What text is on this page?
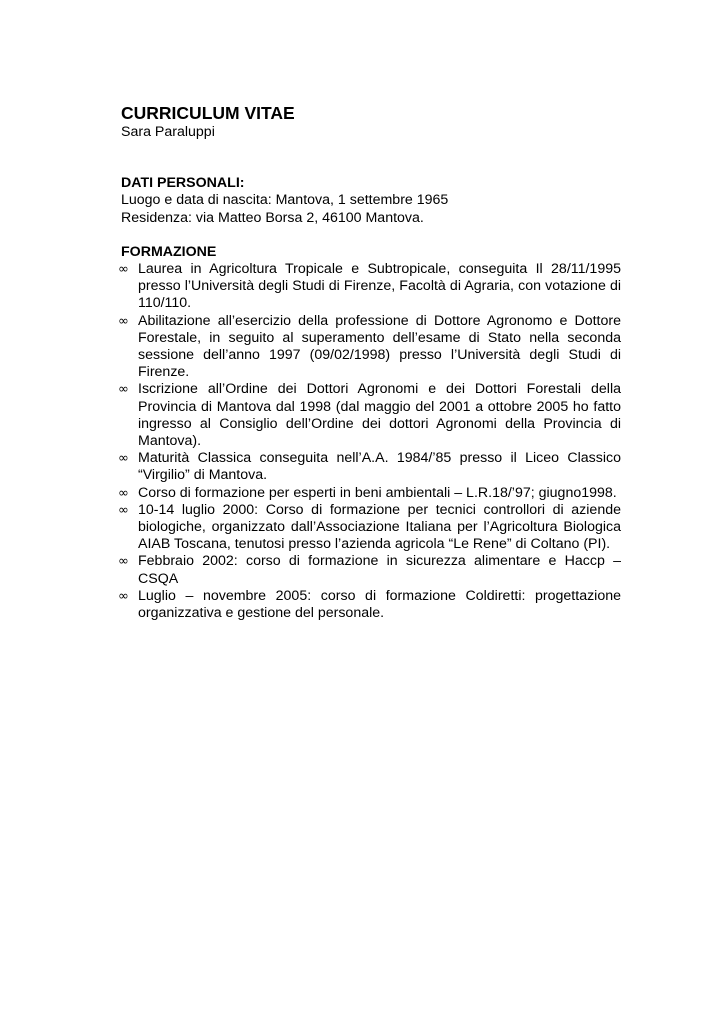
CURRICULUM VITAE

Sara Paraluppi

DATI PERSONALI:

Luogo e data di nascita: Mantova, 1 settembre 1965

Residenza: via Matteo Borsa 2, 46100 Mantova.

FORMAZIONE

∞ Laurea in Agricoltura Tropicale e Subtropicale, conseguita Il 28/11/1995 presso l’Università degli Studi di Firenze, Facoltà di Agraria, con votazione di 110/110.
∞ Abilitazione all’esercizio della professione di Dottore Agronomo e Dottore Forestale, in seguito al superamento dell’esame di Stato nella seconda sessione dell’anno 1997 (09/02/1998) presso l’Università degli Studi di Firenze.
∞ Iscrizione all’Ordine dei Dottori Agronomi e dei Dottori Forestali della Provincia di Mantova dal 1998 (dal maggio del 2001 a ottobre 2005 ho fatto ingresso al Consiglio dell’Ordine dei dottori Agronomi della Provincia di Mantova).
∞ Maturità Classica conseguita nell’A.A. 1984/’85 presso il Liceo Classico “Virgilio” di Mantova.
∞ Corso di formazione per esperti in beni ambientali – L.R.18/’97; giugno1998.
∞ 10-14 luglio 2000: Corso di formazione per tecnici controllori di aziende biologiche, organizzato dall’Associazione Italiana per l’Agricoltura Biologica AIAB Toscana, tenutosi presso l’azienda agricola “Le Rene” di Coltano (PI).
∞ Febbraio 2002: corso di formazione in sicurezza alimentare e Haccp – CSQA
∞ Luglio – novembre 2005: corso di formazione Coldiretti: progettazione organizzativa e gestione del personale.
